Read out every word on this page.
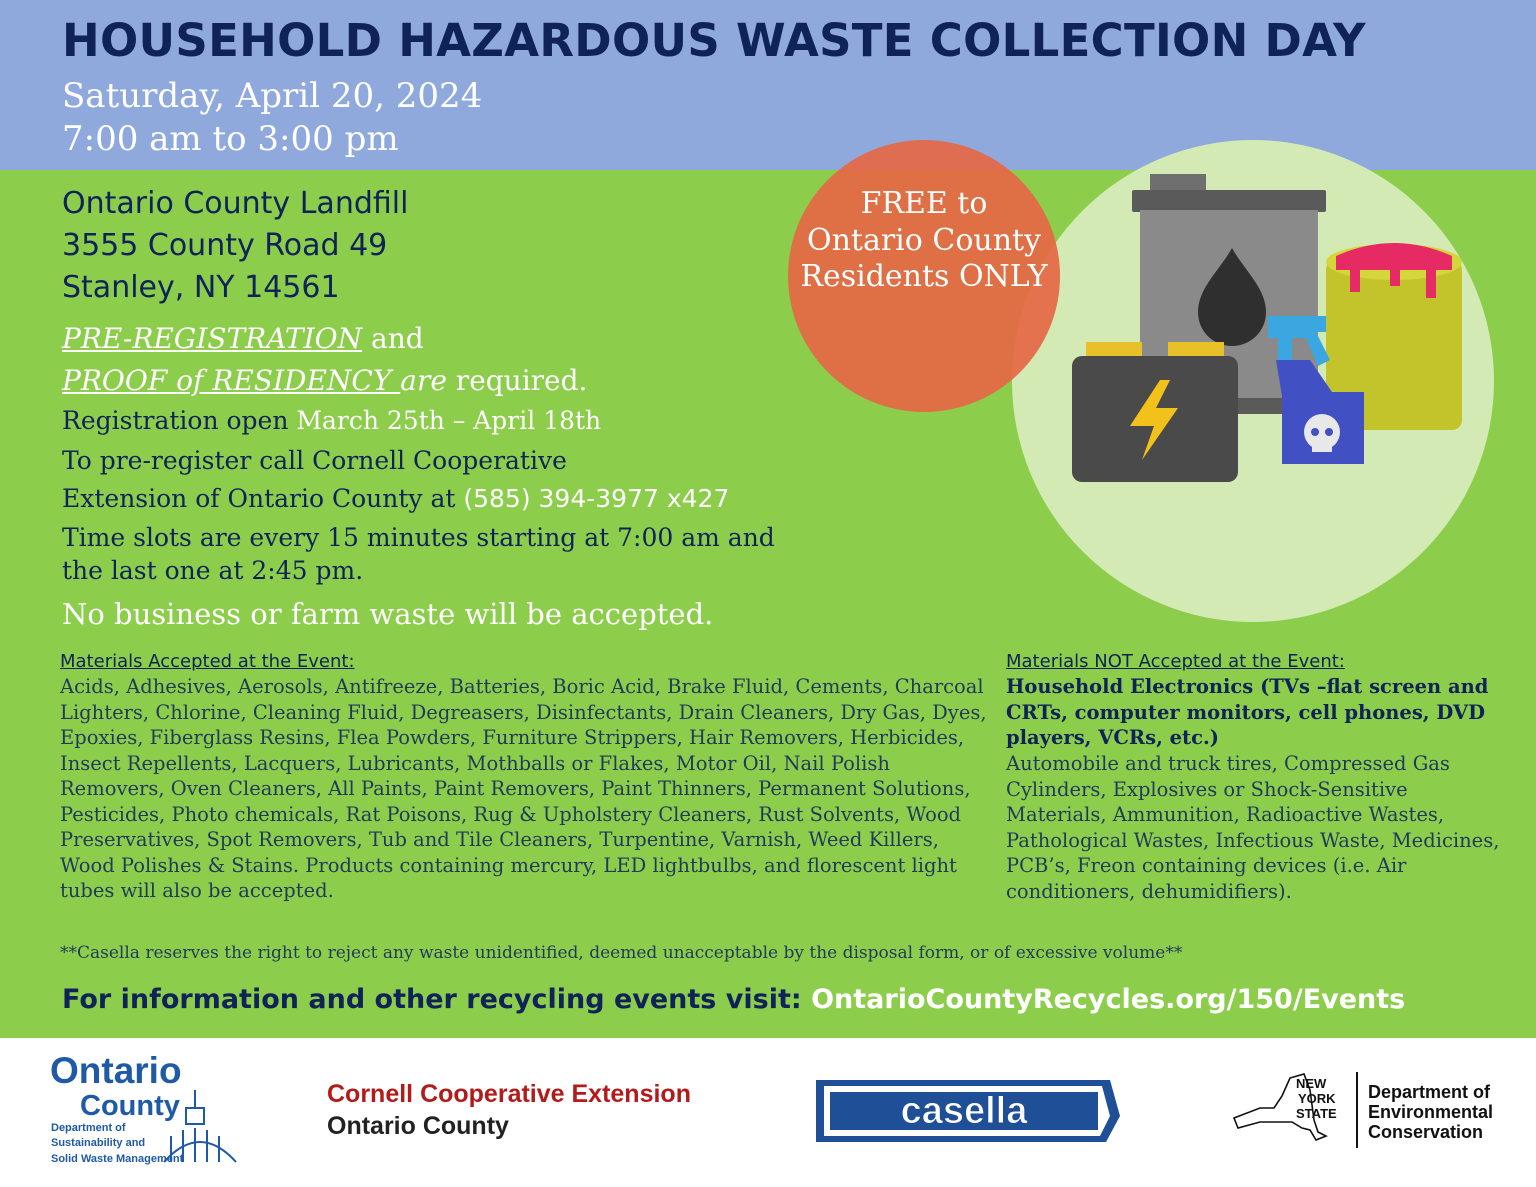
HOUSEHOLD HAZARDOUS WASTE COLLECTION DAY
Saturday, April 20, 2024
7:00 am to 3:00 pm
Ontario County Landfill
3555 County Road 49
Stanley, NY 14561
PRE-REGISTRATION and
PROOF of RESIDENCY are required.
Registration open March 25th – April 18th
To pre-register call Cornell Cooperative
Extension of Ontario County at (585) 394-3977 x427
Time slots are every 15 minutes starting at 7:00 am and
the last one at 2:45 pm.
No business or farm waste will be accepted.
Materials Accepted at the Event:
Acids, Adhesives, Aerosols, Antifreeze, Batteries, Boric Acid, Brake Fluid, Cements, Charcoal Lighters, Chlorine, Cleaning Fluid, Degreasers, Disinfectants, Drain Cleaners, Dry Gas, Dyes, Epoxies, Fiberglass Resins, Flea Powders, Furniture Strippers, Hair Removers, Herbicides, Insect Repellents, Lacquers, Lubricants, Mothballs or Flakes, Motor Oil, Nail Polish Removers, Oven Cleaners, All Paints, Paint Removers, Paint Thinners, Permanent Solutions, Pesticides, Photo chemicals, Rat Poisons, Rug & Upholstery Cleaners, Rust Solvents, Wood Preservatives, Spot Removers, Tub and Tile Cleaners, Turpentine, Varnish, Weed Killers, Wood Polishes & Stains. Products containing mercury, LED lightbulbs, and florescent light tubes will also be accepted.
Materials NOT Accepted at the Event:
Household Electronics (TVs –flat screen and CRTs, computer monitors, cell phones, DVD players, VCRs, etc.)
Automobile and truck tires, Compressed Gas Cylinders, Explosives or Shock-Sensitive Materials, Ammunition, Radioactive Wastes, Pathological Wastes, Infectious Waste, Medicines, PCB’s, Freon containing devices (i.e. Air conditioners, dehumidifiers).
**Casella reserves the right to reject any waste unidentified, deemed unacceptable by the disposal form, or of excessive volume**
For information and other recycling events visit: OntarioCountyRecycles.org/150/Events
FREE to Ontario County Residents ONLY
Ontario
County
Department of
Sustainability and
Solid Waste Management
Cornell Cooperative Extension
Ontario County	casella
NEW
YORK
STATE
Department of
Environmental
Conservation
